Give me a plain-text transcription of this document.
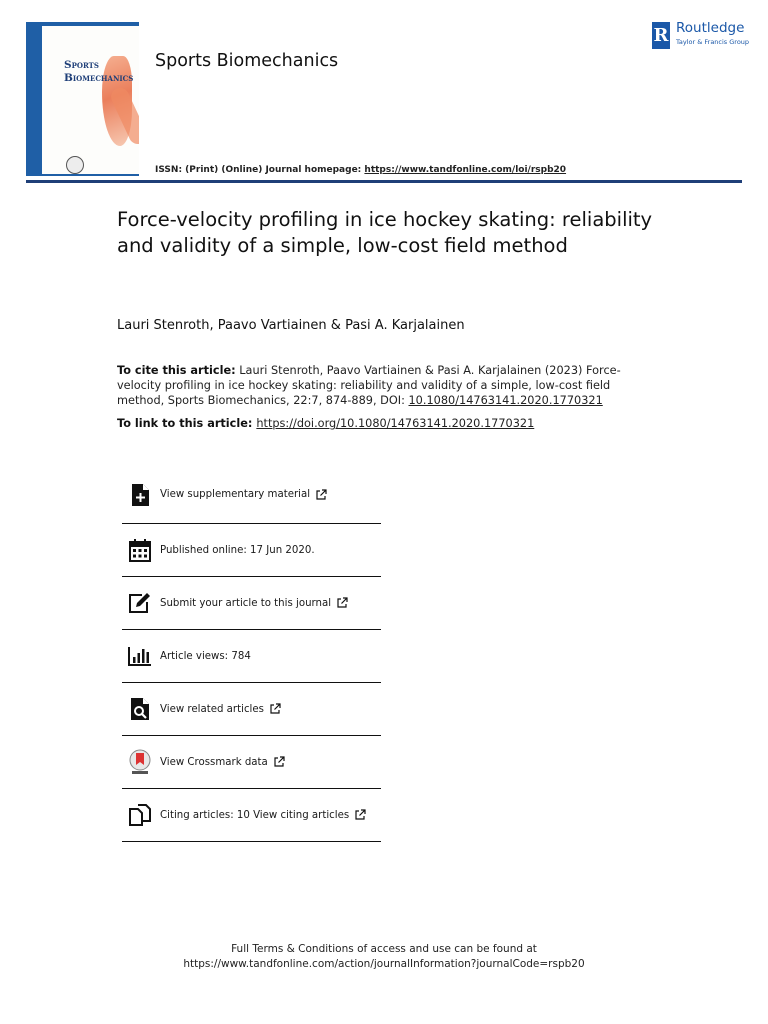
Sports
Biomechanics
Sports Biomechanics
R Routledge
Taylor & Francis Group
ISSN: (Print) (Online) Journal homepage: https://www.tandfonline.com/loi/rspb20
Force-velocity profiling in ice hockey skating: reliability and validity of a simple, low-cost field method
Lauri Stenroth, Paavo Vartiainen & Pasi A. Karjalainen
To cite this article: Lauri Stenroth, Paavo Vartiainen & Pasi A. Karjalainen (2023) Force-velocity profiling in ice hockey skating: reliability and validity of a simple, low-cost field method, Sports Biomechanics, 22:7, 874-889, DOI: 10.1080/14763141.2020.1770321
To link to this article: https://doi.org/10.1080/14763141.2020.1770321
View supplementary material
Published online: 17 Jun 2020.
Submit your article to this journal
Article views: 784
View related articles
View Crossmark data
Citing articles: 10 View citing articles
Full Terms & Conditions of access and use can be found at
https://www.tandfonline.com/action/journalInformation?journalCode=rspb20
